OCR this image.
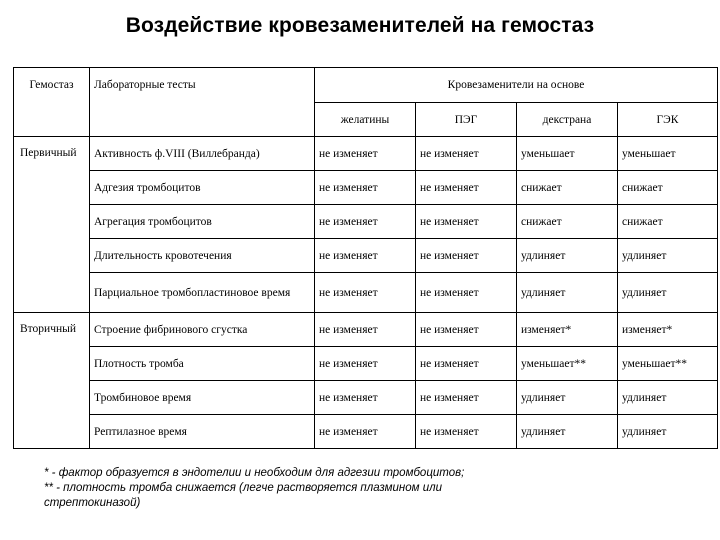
Воздействие кровезаменителей на гемостаз
Гемостаз	Лабораторные тесты	Кровезаменители на основе			
		желатины	ПЭГ	декстрана	ГЭК
Первичный	Активность ф.VIII (Виллебранда)	не изменяет	не изменяет	уменьшает	уменьшает
	Адгезия тромбоцитов	не изменяет	не изменяет	снижает	снижает
	Агрегация тромбоцитов	не изменяет	не изменяет	снижает	снижает
	Длительность кровотечения	не изменяет	не изменяет	удлиняет	удлиняет
	Парциальное тромбопластиновое время	не изменяет	не изменяет	удлиняет	удлиняет
Вторичный	Строение фибринового сгустка	не изменяет	не изменяет	изменяет*	изменяет*
	Плотность тромба	не изменяет	не изменяет	уменьшает**	уменьшает**
	Тромбиновое время	не изменяет	не изменяет	удлиняет	удлиняет
	Рептилазное время	не изменяет	не изменяет	удлиняет	удлиняет
* - фактор образуется в эндотелии и необходим для адгезии тромбоцитов;
** - плотность тромба снижается (легче растворяется плазмином или
стрептокиназой)
